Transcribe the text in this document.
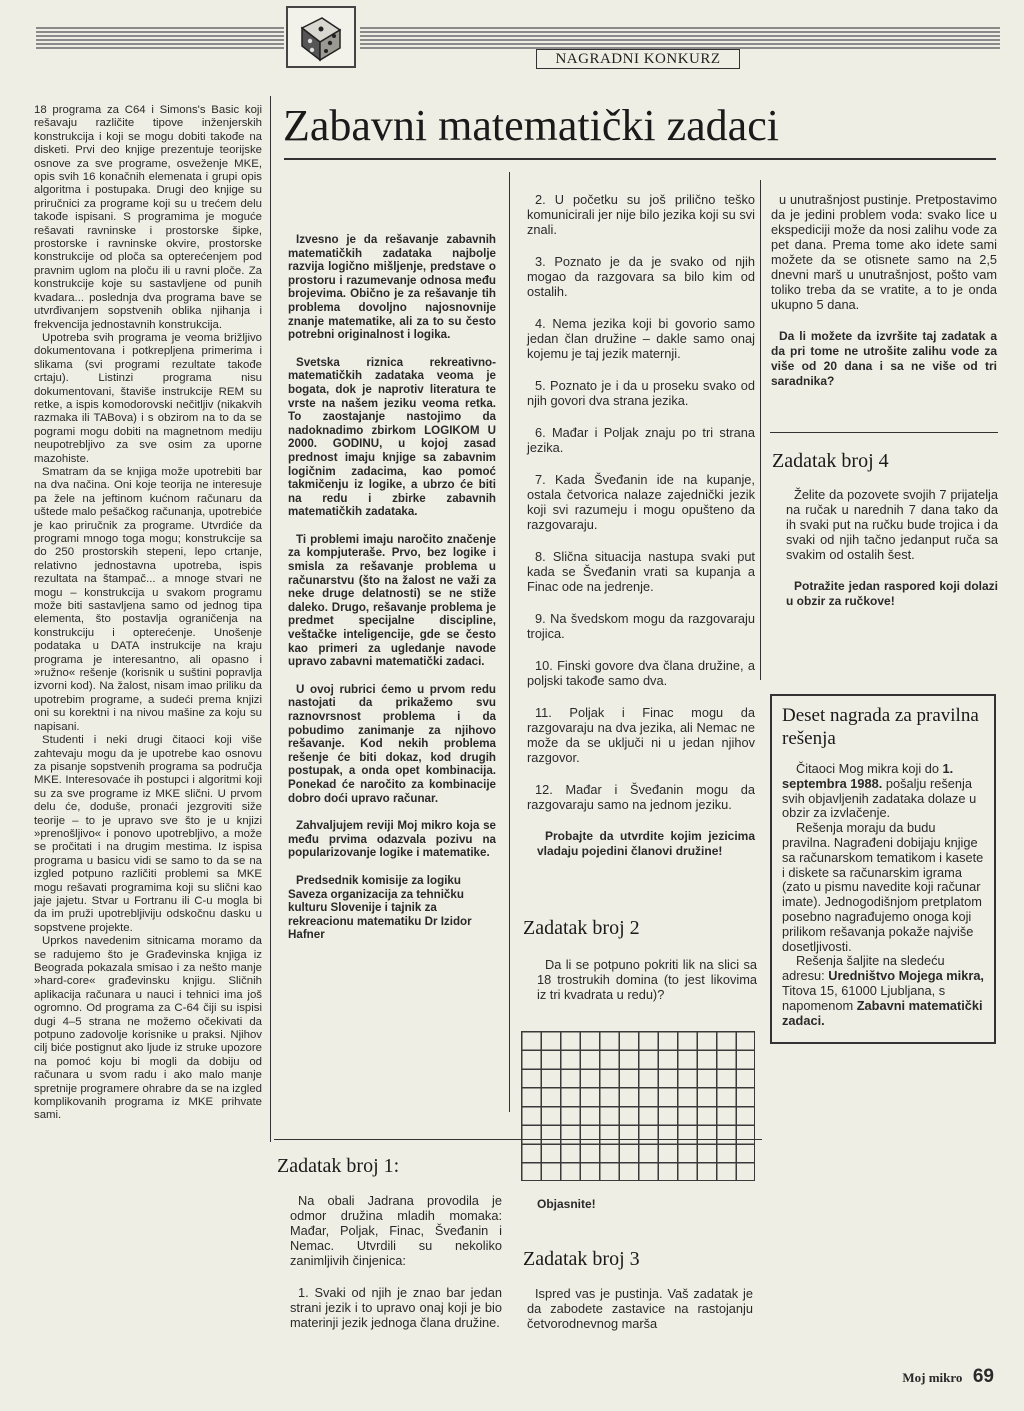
NAGRADNI KONKURZ
Zabavni matematički zadaci

18 programa za C64 i Simons's Basic koji rešavaju različite tipove inženjerskih konstrukcija i koji se mogu dobiti takođe na disketi. Prvi deo knjige prezentuje teorijske osnove za sve programe, osveženje MKE, opis svih 16 konačnih elemenata i grupi opis algoritma i postupaka. Drugi deo knjige su priručnici za programe koji su u trećem delu takođe ispisani. S programima je moguće rešavati ravninske i prostorske šipke, prostorske i ravninske okvire, prostorske konstrukcije od ploča sa opterećenjem pod pravnim uglom na ploču ili u ravni ploče. Za konstrukcije koje su sastavljene od punih kvadara... poslednja dva programa bave se utvrđivanjem sopstvenih oblika njihanja i frekvencija jednostavnih konstrukcija.

Upotreba svih programa je veoma brižljivo dokumentovana i potkrepljena primerima i slikama (svi programi rezultate takođe crtaju). Listinzi programa nisu dokumentovani, štaviše instrukcije REM su retke, a ispis komodorovski nečitljiv (nikakvih razmaka ili TABova) i s obzirom na to da se pogrami mogu dobiti na magnetnom mediju neupotrebljivo za sve osim za uporne mazohiste.

Smatram da se knjiga može upotrebiti bar na dva načina. Oni koje teorija ne interesuje pa žele na jeftinom kućnom računaru da uštede malo pešačkog računanja, upotrebiće je kao priručnik za programe. Utvrdiće da programi mnogo toga mogu; konstrukcije sa do 250 prostorskih stepeni, lepo crtanje, relativno jednostavna upotreba, ispis rezultata na štampač... a mnoge stvari ne mogu – konstrukcija u svakom programu može biti sastavljena samo od jednog tipa elementa, što postavlja ograničenja na konstrukciju i opterećenje. Unošenje podataka u DATA instrukcije na kraju programa je interesantno, ali opasno i »ružno« rešenje (korisnik u suštini popravlja izvorni kod). Na žalost, nisam imao priliku da upotrebim programe, a sudeći prema knjizi oni su korektni i na nivou mašine za koju su napisani.

Studenti i neki drugi čitaoci koji više zahtevaju mogu da je upotrebe kao osnovu za pisanje sopstvenih programa sa područja MKE. Interesovaće ih postupci i algoritmi koji su za sve programe iz MKE slični. U prvom delu će, doduše, pronaći jezgroviti sižе teorije – to je upravo sve što je u knjizi »prenošljivo« i ponovo upotrebljivo, a može se pročitati i na drugim mestima. Iz ispisa programa u basicu vidi se samo to da se na izgled potpuno različiti problemi sa MKE mogu rešavati programima koji su slični kao jaje jajetu. Stvar u Fortranu ili C-u mogla bi da im pruži upotrebljiviju odskočnu dasku u sopstvene projekte.

Uprkos navedenim sitnicama moramo da se radujemo što je Građevinska knjiga iz Beograda pokazala smisao i za nešto manje »hard-core« građevinsku knjigu. Sličnih aplikacija računara u nauci i tehnici ima još ogromno. Od programa za C-64 čiji su ispisi dugi 4–5 strana ne možemo očekivati da potpuno zadovolje korisnike u praksi. Njihov cilj biće postignut ako ljude iz struke upozore na pomoć koju bi mogli da dobiju od računara u svom radu i ako malo manje spretnije programere ohrabre da se na izgled komplikovanih programa iz MKE prihvate sami.

Izvesno je da rešavanje zabavnih matematičkih zadataka najbolje razvija logično mišljenje, predstave o prostoru i razumevanje odnosa među brojevima. Obično je za rešavanje tih problema dovoljno najosnovnije znanje matematike, ali za to su često potrebni originalnost i logika.

Svetska riznica rekreativno-matematičkih zadataka veoma je bogata, dok je naprotiv literatura te vrste na našem jeziku veoma retka. To zaostajanje nastojimo da nadoknadimo zbirkom LOGIKOM U 2000. GODINU, u kojoj zasad prednost imaju knjige sa zabavnim logičnim zadacima, kao pomoć takmičenju iz logike, a ubrzo će biti na redu i zbirke zabavnih matematičkih zadataka.

Ti problemi imaju naročito značenje za kompjuteraše. Prvo, bez logike i smisla za rešavanje problema u računarstvu (što na žalost ne važi za neke druge delatnosti) se ne stiže daleko. Drugo, rešavanje problema je predmet specijalne discipline, veštačke inteligencije, gde se često kao primeri za ugledanje navode upravo zabavni matematički zadaci.

U ovoj rubrici ćemo u prvom redu nastojati da prikažemo svu raznovrsnost problema i da pobudimo zanimanje za njihovo rešavanje. Kod nekih problema rešenje će biti dokaz, kod drugih postupak, a onda opet kombinacija. Ponekad će naročito za kombinacije dobro doći upravo računar.

Zahvaljujem reviji Moj mikro koja se među prvima odazvala pozivu na popularizovanje logike i matematike.

Predsednik komisije za logiku Saveza organizacija za tehničku kulturu Slovenije i tajnik za rekreacionu matematiku Dr Izidor Hafner

Zadatak broj 1:

Na obali Jadrana provodila je odmor družina mladih momaka: Mađar, Poljak, Finac, Šveđanin i Nemac. Utvrdili su nekoliko zanimljivih činjenica:

1. Svaki od njih je znao bar jedan strani jezik i to upravo onaj koji je bio materinji jezik jednoga člana družine.

2. U početku su još prilično teško komunicirali jer nije bilo jezika koji su svi znali.

3. Poznato je da je svako od njih mogao da razgovara sa bilo kim od ostalih.

4. Nema jezika koji bi govorio samo jedan član družine – dakle samo onaj kojemu je taj jezik maternji.

5. Poznato je i da u proseku svako od njih govori dva strana jezika.

6. Mađar i Poljak znaju po tri strana jezika.

7. Kada Šveđanin ide na kupanje, ostala četvorica nalaze zajednički jezik koji svi razumeju i mogu opušteno da razgovaraju.

8. Slična situacija nastupa svaki put kada se Šveđanin vrati sa kupanja a Finac ode na jedrenje.

9. Na švedskom mogu da razgovaraju trojica.

10. Finski govore dva člana družine, a poljski takođe samo dva.

11. Poljak i Finac mogu da razgovaraju na dva jezika, ali Nemac ne može da se uključi ni u jedan njihov razgovor.

12. Mađar i Šveđanin mogu da razgovaraju samo na jednom jeziku.

Probajte da utvrdite kojim jezicima vladaju pojedini članovi družine!

Zadatak broj 2

Da li se potpuno pokriti lik na slici sa 18 trostrukih domina (to jest likovima iz tri kvadrata u redu)?

Objasnite!
Zadatak broj 3

Ispred vas je pustinja. Vaš zadatak je da zabodete zastavice na rastojanju četvorodnevnog marša

u unutrašnjost pustinje. Pretpostavimo da je jedini problem voda: svako lice u ekspediciji može da nosi zalihu vode za pet dana. Prema tome ako idete sami možete da se otisnete samo na 2,5 dnevni marš u unutrašnjost, pošto vam toliko treba da se vratite, a to je onda ukupno 5 dana.

Da li možete da izvršite taj zadatak a da pri tome ne utrošite zalihu vode za više od 20 dana i sa ne više od tri saradnika?

Zadatak broj 4

Želite da pozovete svojih 7 prijatelja na ručak u narednih 7 dana tako da ih svaki put na ručku bude trojica i da svaki od njih tačno jedanput ruča sa svakim od ostalih šest.

Potražite jedan raspored koji dolazi u obzir za ručkove!

Deset nagrada za pravilna rešenja

Čitaoci Mog mikra koji do 1. septembra 1988. pošalju rešenja svih objavljenih zadataka dolaze u obzir za izvlačenje.

Rešenja moraju da budu pravilna. Nagrađeni dobijaju knjige sa računarskom tematikom i kasete i diskete sa računarskim igrama (zato u pismu navedite koji računar imate). Jednogodišnjom pretplatom posebno nagrađujemo onoga koji prilikom rešavanja pokaže najviše dosetljivosti.

Rešenja šaljite na sledeću adresu: Uredništvo Mojega mikra, Titova 15, 61000 Ljubljana, s napomenom Zabavni matematički zadaci.

Moj mikro 69
